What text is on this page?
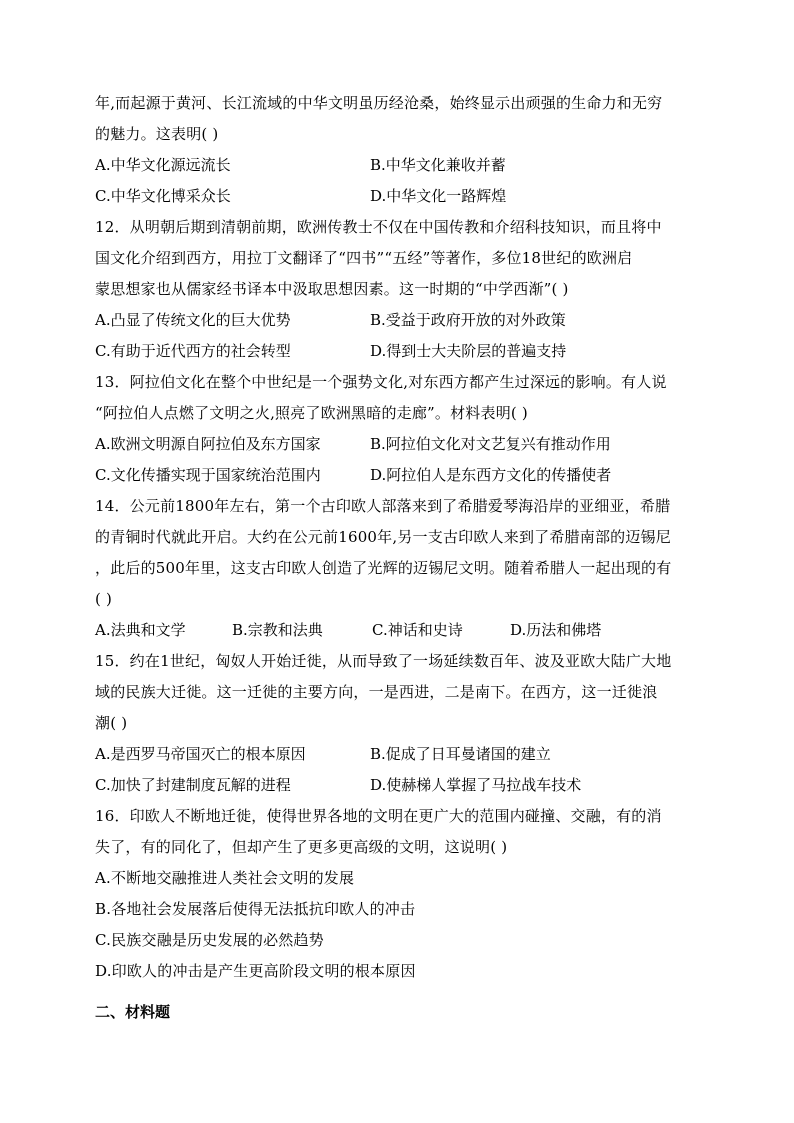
年,而起源于黄河、长江流域的中华文明虽历经沧桑，始终显示出顽强的生命力和无穷
的魅力。这表明( )
A.中华文化源远流长	B.中华文化兼收并蓄
C.中华文化博采众长	D.中华文化一路辉煌
12．从明朝后期到清朝前期，欧洲传教士不仅在中国传教和介绍科技知识，而且将中
国文化介绍到西方，用拉丁文翻译了“四书”“五经”等著作，多位18世纪的欧洲启
蒙思想家也从儒家经书译本中汲取思想因素。这一时期的“中学西渐”( )
A.凸显了传统文化的巨大优势	B.受益于政府开放的对外政策
C.有助于近代西方的社会转型	D.得到士大夫阶层的普遍支持
13．阿拉伯文化在整个中世纪是一个强势文化,对东西方都产生过深远的影响。有人说
“阿拉伯人点燃了文明之火,照亮了欧洲黑暗的走廊”。材料表明( )
A.欧洲文明源自阿拉伯及东方国家	B.阿拉伯文化对文艺复兴有推动作用
C.文化传播实现于国家统治范围内	D.阿拉伯人是东西方文化的传播使者
14．公元前1800年左右，第一个古印欧人部落来到了希腊爱琴海沿岸的亚细亚，希腊
的青铜时代就此开启。大约在公元前1600年,另一支古印欧人来到了希腊南部的迈锡尼
，此后的500年里，这支古印欧人创造了光辉的迈锡尼文明。随着希腊人一起出现的有
( )
A.法典和文学	B.宗教和法典	C.神话和史诗	D.历法和佛塔
15．约在1世纪，匈奴人开始迁徙，从而导致了一场延续数百年、波及亚欧大陆广大地
域的民族大迁徙。这一迁徙的主要方向，一是西进，二是南下。在西方，这一迁徙浪
潮( )
A.是西罗马帝国灭亡的根本原因	B.促成了日耳曼诸国的建立
C.加快了封建制度瓦解的进程	D.使赫梯人掌握了马拉战车技术
16．印欧人不断地迁徙，使得世界各地的文明在更广大的范围内碰撞、交融，有的消
失了，有的同化了，但却产生了更多更高级的文明，这说明( )
A.不断地交融推进人类社会文明的发展
B.各地社会发展落后使得无法抵抗印欧人的冲击
C.民族交融是历史发展的必然趋势
D.印欧人的冲击是产生更高阶段文明的根本原因
二、材料题
